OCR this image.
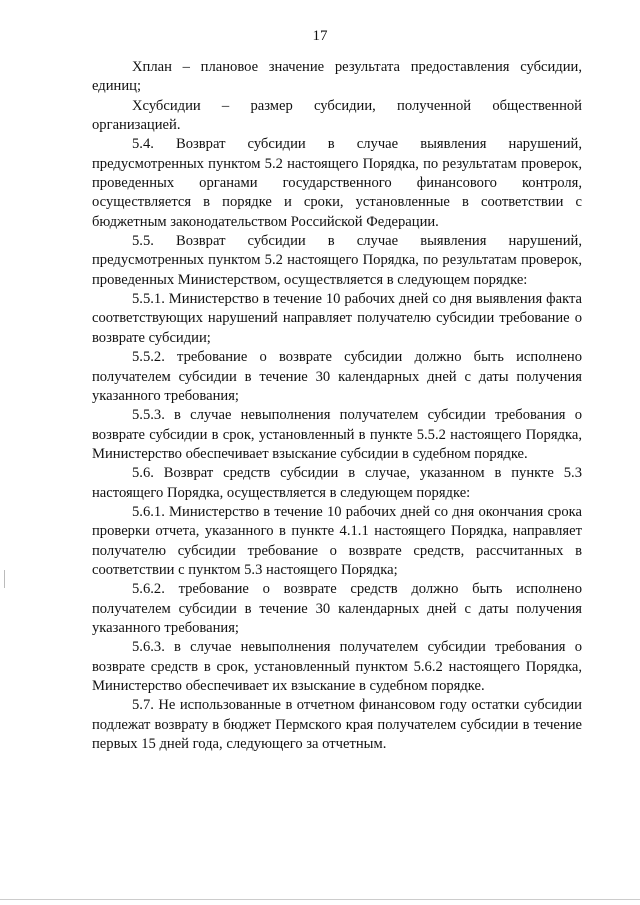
17

Хплан – плановое значение результата предоставления субсидии, единиц;

Хсубсидии – размер субсидии, полученной общественной организацией.

5.4. Возврат субсидии в случае выявления нарушений, предусмотренных пунктом 5.2 настоящего Порядка, по результатам проверок, проведенных органами государственного финансового контроля, осуществляется в порядке и сроки, установленные в соответствии с бюджетным законодательством Российской Федерации.

5.5. Возврат субсидии в случае выявления нарушений, предусмотренных пунктом 5.2 настоящего Порядка, по результатам проверок, проведенных Министерством, осуществляется в следующем порядке:

5.5.1. Министерство в течение 10 рабочих дней со дня выявления факта соответствующих нарушений направляет получателю субсидии требование о возврате субсидии;

5.5.2. требование о возврате субсидии должно быть исполнено получателем субсидии в течение 30 календарных дней с даты получения указанного требования;

5.5.3. в случае невыполнения получателем субсидии требования о возврате субсидии в срок, установленный в пункте 5.5.2 настоящего Порядка, Министерство обеспечивает взыскание субсидии в судебном порядке.

5.6. Возврат средств субсидии в случае, указанном в пункте 5.3 настоящего Порядка, осуществляется в следующем порядке:

5.6.1. Министерство в течение 10 рабочих дней со дня окончания срока проверки отчета, указанного в пункте 4.1.1 настоящего Порядка, направляет получателю субсидии требование о возврате средств, рассчитанных в соответствии с пунктом 5.3 настоящего Порядка;

5.6.2. требование о возврате средств должно быть исполнено получателем субсидии в течение 30 календарных дней с даты получения указанного требования;

5.6.3. в случае невыполнения получателем субсидии требования о возврате средств в срок, установленный пунктом 5.6.2 настоящего Порядка, Министерство обеспечивает их взыскание в судебном порядке.

5.7. Не использованные в отчетном финансовом году остатки субсидии подлежат возврату в бюджет Пермского края получателем субсидии в течение первых 15 дней года, следующего за отчетным.
